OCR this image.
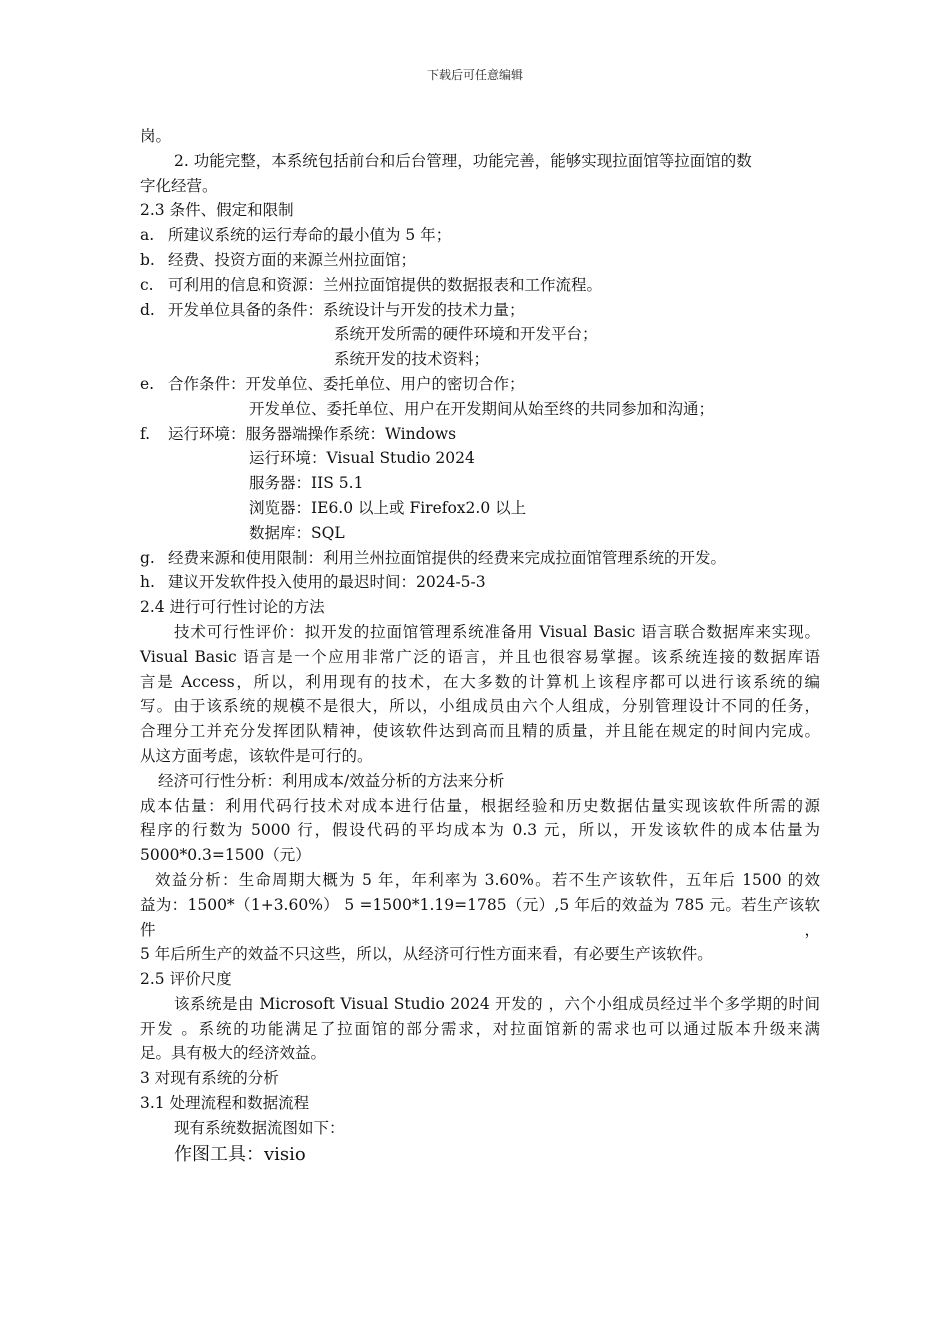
下载后可任意编辑
岗。
2. 功能完整，本系统包括前台和后台管理，功能完善，能够实现拉面馆等拉面馆的数
字化经营。
2.3 条件、假定和限制
a. 所建议系统的运行寿命的最小值为 5 年；
b. 经费、投资方面的来源兰州拉面馆；
c. 可利用的信息和资源：兰州拉面馆提供的数据报表和工作流程。
d. 开发单位具备的条件：系统设计与开发的技术力量；
系统开发所需的硬件环境和开发平台；
系统开发的技术资料；
e. 合作条件：开发单位、委托单位、用户的密切合作；
开发单位、委托单位、用户在开发期间从始至终的共同参加和沟通；
f.	运行环境：服务器端操作系统：Windows
运行环境：Visual Studio 2024
服务器：IIS 5.1
浏览器：IE6.0 以上或 Firefox2.0 以上
数据库：SQL
g. 经费来源和使用限制：利用兰州拉面馆提供的经费来完成拉面馆管理系统的开发。
h. 建议开发软件投入使用的最迟时间：2024-5-3
2.4 进行可行性讨论的方法
技术可行性评价：拟开发的拉面馆管理系统准备用 Visual Basic 语言联合数据库来实现。
Visual Basic 语言是一个应用非常广泛的语言，并且也很容易掌握。该系统连接的数据库语
言是 Access，所以，利用现有的技术，在大多数的计算机上该程序都可以进行该系统的编
写。由于该系统的规模不是很大，所以，小组成员由六个人组成，分别管理设计不同的任务，
合理分工并充分发挥团队精神，使该软件达到高而且精的质量，并且能在规定的时间内完成。
从这方面考虑，该软件是可行的。
经济可行性分析：利用成本/效益分析的方法来分析
成本估量：利用代码行技术对成本进行估量，根据经验和历史数据估量实现该软件所需的源
程序的行数为 5000 行，假设代码的平均成本为 0.3 元，所以，开发该软件的成本估量为
5000*0.3=1500（元）
效益分析：生命周期大概为 5 年，年利率为 3.60%。若不生产该软件，五年后 1500 的效
益为：1500*（1+3.60%） 5 =1500*1.19=1785（元）,5 年后的效益为 785 元。若生产该软件，
5 年后所生产的效益不只这些，所以，从经济可行性方面来看，有必要生产该软件。
2.5 评价尺度
该系统是由 Microsoft Visual Studio 2024 开发的 ，六个小组成员经过半个多学期的时间
开发 。系统的功能满足了拉面馆的部分需求，对拉面馆新的需求也可以通过版本升级来满
足。具有极大的经济效益。
3 对现有系统的分析
3.1 处理流程和数据流程
现有系统数据流图如下：
作图工具：visio
